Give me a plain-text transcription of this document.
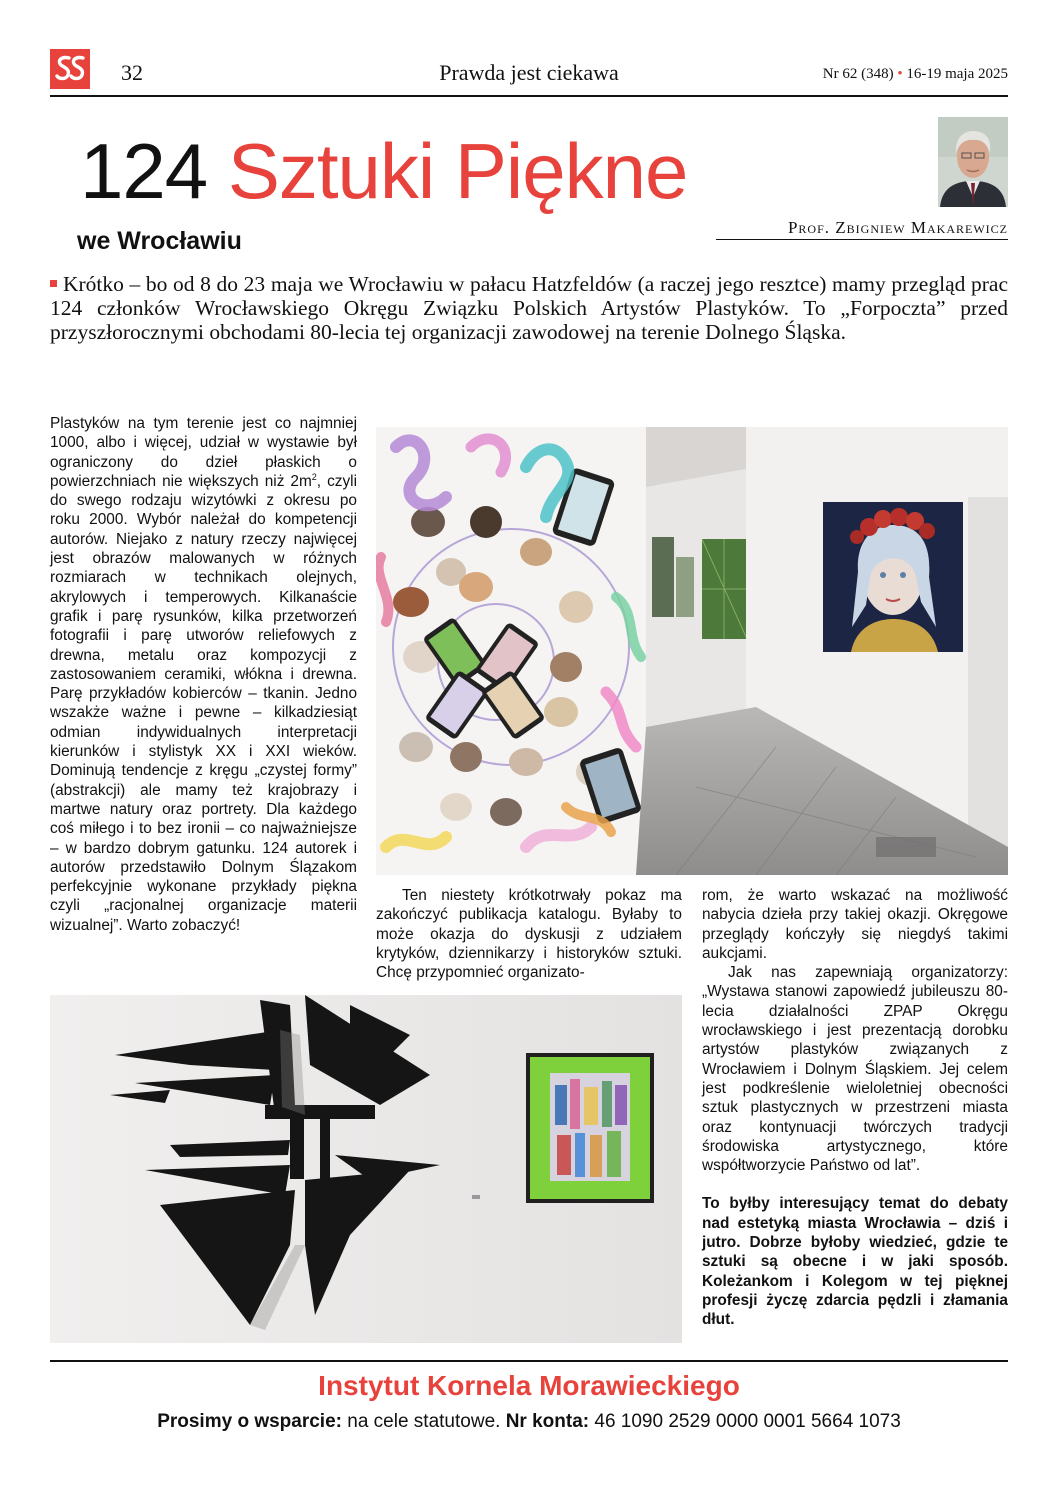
32	Prawda jest ciekawa	Nr 62 (348) • 16-19 maja 2025
124 Sztuki Piękne
we Wrocławiu	Prof. Zbigniew Makarewicz
Krótko – bo od 8 do 23 maja we Wrocławiu w pałacu Hatzfeldów (a raczej jego resztce) mamy przegląd prac 124 członków Wrocławskiego Okręgu Związku Polskich Artystów Plastyków. To „Forpoczta” przed przyszłorocznymi obchodami 80-lecia tej organizacji zawodowej na terenie Dolnego Śląska.

Plastyków na tym terenie jest co najmniej 1000, albo i więcej, udział w wystawie był ograniczony do dzieł płaskich o powierzchniach nie większych niż $2m^2$, czyli do swego rodzaju wizytówki z okresu po roku 2000. Wybór należał do kompetencji autorów. Niejako z natury rzeczy najwięcej jest obrazów malowanych w różnych rozmiarach w technikach olejnych, akrylowych i temperowych. Kilkanaście grafik i parę rysunków, kilka przetworzeń fotografii i parę utworów reliefowych z drewna, metalu oraz kompozycji z zastosowaniem ceramiki, włókna i drewna. Parę przykładów kobierców – tkanin. Jedno wszakże ważne i pewne – kilkadziesiąt odmian indywidualnych interpretacji kierunków i stylistyk XX i XXI wieków. Dominują tendencje z kręgu „czystej formy” (abstrakcji) ale mamy też krajobrazy i martwe natury oraz portrety. Dla każdego coś miłego i to bez ironii – co najważniejsze – w bardzo dobrym gatunku. 124 autorek i autorów przedstawiło Dolnym Ślązakom perfekcyjnie wykonane przykłady piękna czyli „racjonalnej organizacje materii wizualnej”. Warto zobaczyć!

Ten niestety krótkotrwały pokaz ma zakończyć publikacja katalogu. Byłaby to może okazja do dyskusji z udziałem krytyków, dziennikarzy i historyków sztuki. Chcę przypomnieć organizato-

rom, że warto wskazać na możliwość nabycia dzieła przy takiej okazji. Okręgowe przeglądy kończyły się niegdyś takimi aukcjami.

Jak nas zapewniają organizatorzy: „Wystawa stanowi zapowiedź jubileuszu 80-lecia działalności ZPAP Okręgu wrocławskiego i jest prezentacją dorobku artystów plastyków związanych z Wrocławiem i Dolnym Śląskiem. Jej celem jest podkreślenie wieloletniej obecności sztuk plastycznych w przestrzeni miasta oraz kontynuacji twórczych tradycji środowiska artystycznego, które współtworzycie Państwo od lat”.

To byłby interesujący temat do debaty nad estetyką miasta Wrocławia – dziś i jutro. Dobrze byłoby wiedzieć, gdzie te sztuki są obecne i w jaki sposób. Koleżankom i Kolegom w tej pięknej profesji życzę zdarcia pędzli i złamania dłut.

Instytut Kornela Morawieckiego
Prosimy o wsparcie: na cele statutowe. Nr konta: 46 1090 2529 0000 0001 5664 1073
